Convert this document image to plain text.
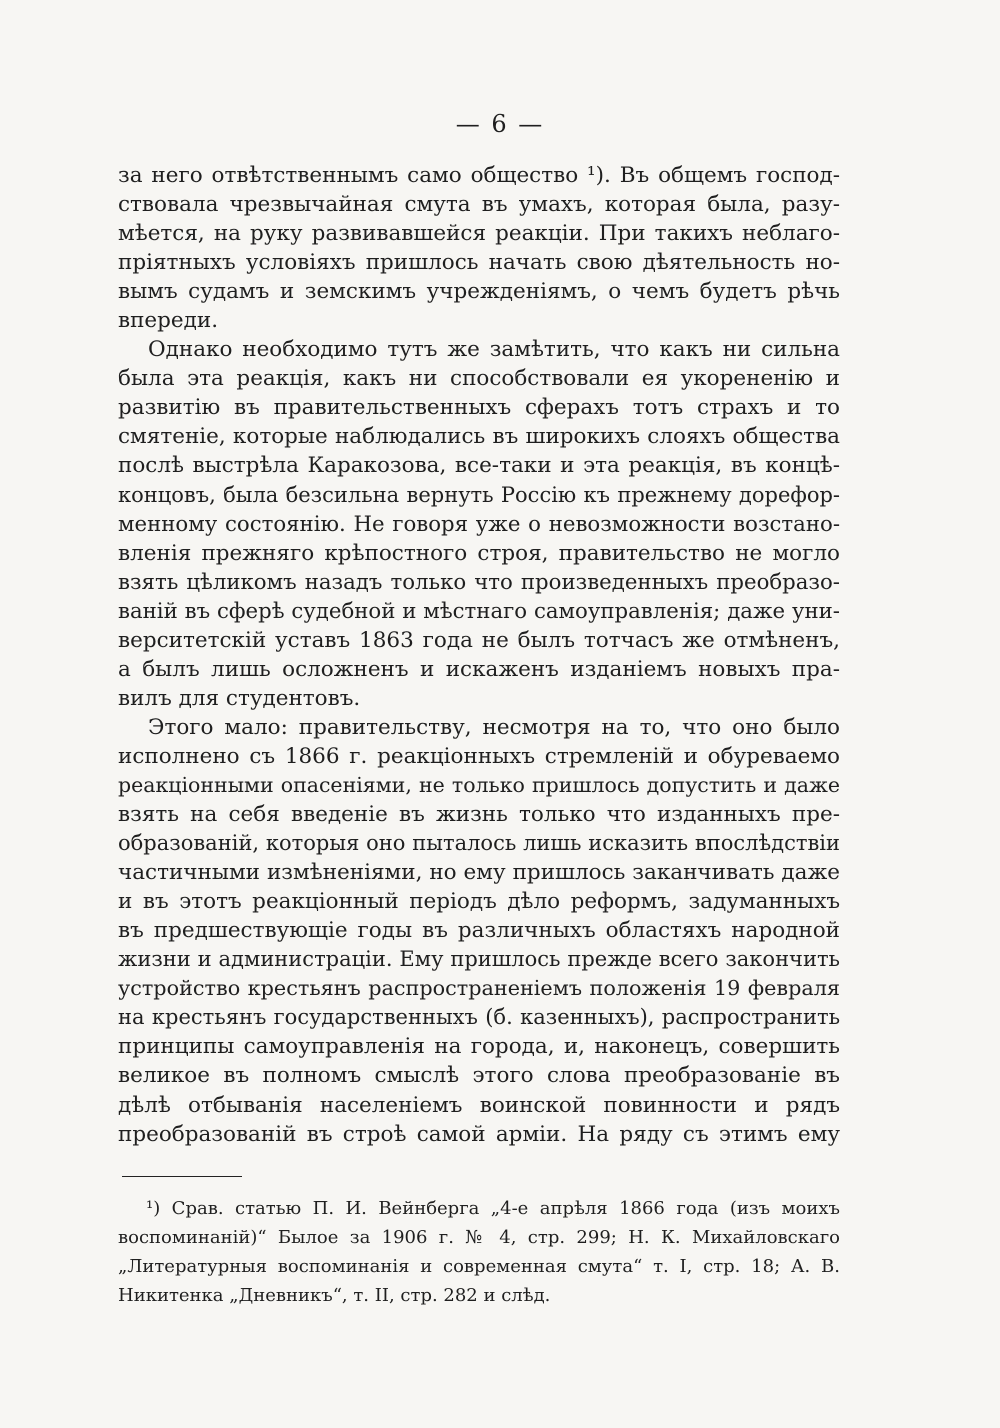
— 6 —

за него отвѣтственнымъ само общество ¹). Въ общемъ господ-
ствовала чрезвычайная смута въ умахъ, которая была, разу-
мѣется, на руку развивавшейся реакціи. При такихъ неблаго-
пріятныхъ условіяхъ пришлось начать свою дѣятельность но-
вымъ судамъ и земскимъ учрежденіямъ, о чемъ будетъ рѣчь
впереди.
Однако необходимо тутъ же замѣтить, что какъ ни сильна
была эта реакція, какъ ни способствовали ея укорененію и
развитію въ правительственныхъ сферахъ тотъ страхъ и то
смятеніе, которые наблюдались въ широкихъ слояхъ общества
послѣ выстрѣла Каракозова, все-таки и эта реакція, въ концѣ-
концовъ, была безсильна вернуть Россію къ прежнему дорефор-
менному состоянію. Не говоря уже о невозможности возстано-
вленія прежняго крѣпостного строя, правительство не могло
взять цѣликомъ назадъ только что произведенныхъ преобразо-
ваній въ сферѣ судебной и мѣстнаго самоуправленія; даже уни-
верситетскій уставъ 1863 года не былъ тотчасъ же отмѣненъ,
а былъ лишь осложненъ и искаженъ изданіемъ новыхъ пра-
вилъ для студентовъ.
Этого мало: правительству, несмотря на то, что оно было
исполнено съ 1866 г. реакціонныхъ стремленій и обуреваемо
реакціонными опасеніями, не только пришлось допустить и даже
взять на себя введеніе въ жизнь только что изданныхъ пре-
образованій, которыя оно пыталось лишь исказить впослѣдствіи
частичными измѣненіями, но ему пришлось заканчивать даже
и въ этотъ реакціонный періодъ дѣло реформъ, задуманныхъ
въ предшествующіе годы въ различныхъ областяхъ народной
жизни и администраціи. Ему пришлось прежде всего закончить
устройство крестьянъ распространеніемъ положенія 19 февраля
на крестьянъ государственныхъ (б. казенныхъ), распространить
принципы самоуправленія на города, и, наконецъ, совершить
великое въ полномъ смыслѣ этого слова преобразованіе въ
дѣлѣ отбыванія населеніемъ воинской повинности и рядъ
преобразованій въ строѣ самой арміи. На ряду съ этимъ ему
¹) Срав. статью П. И. Вейнберга „4-е апрѣля 1866 года (изъ моихъ
воспоминаній)“ Былое за 1906 г. № 4, стр. 299; Н. К. Михайловскаго
„Литературныя воспоминанія и современная смута“ т. I, стр. 18; А. В.
Никитенка „Дневникъ“, т. II, стр. 282 и слѣд.
